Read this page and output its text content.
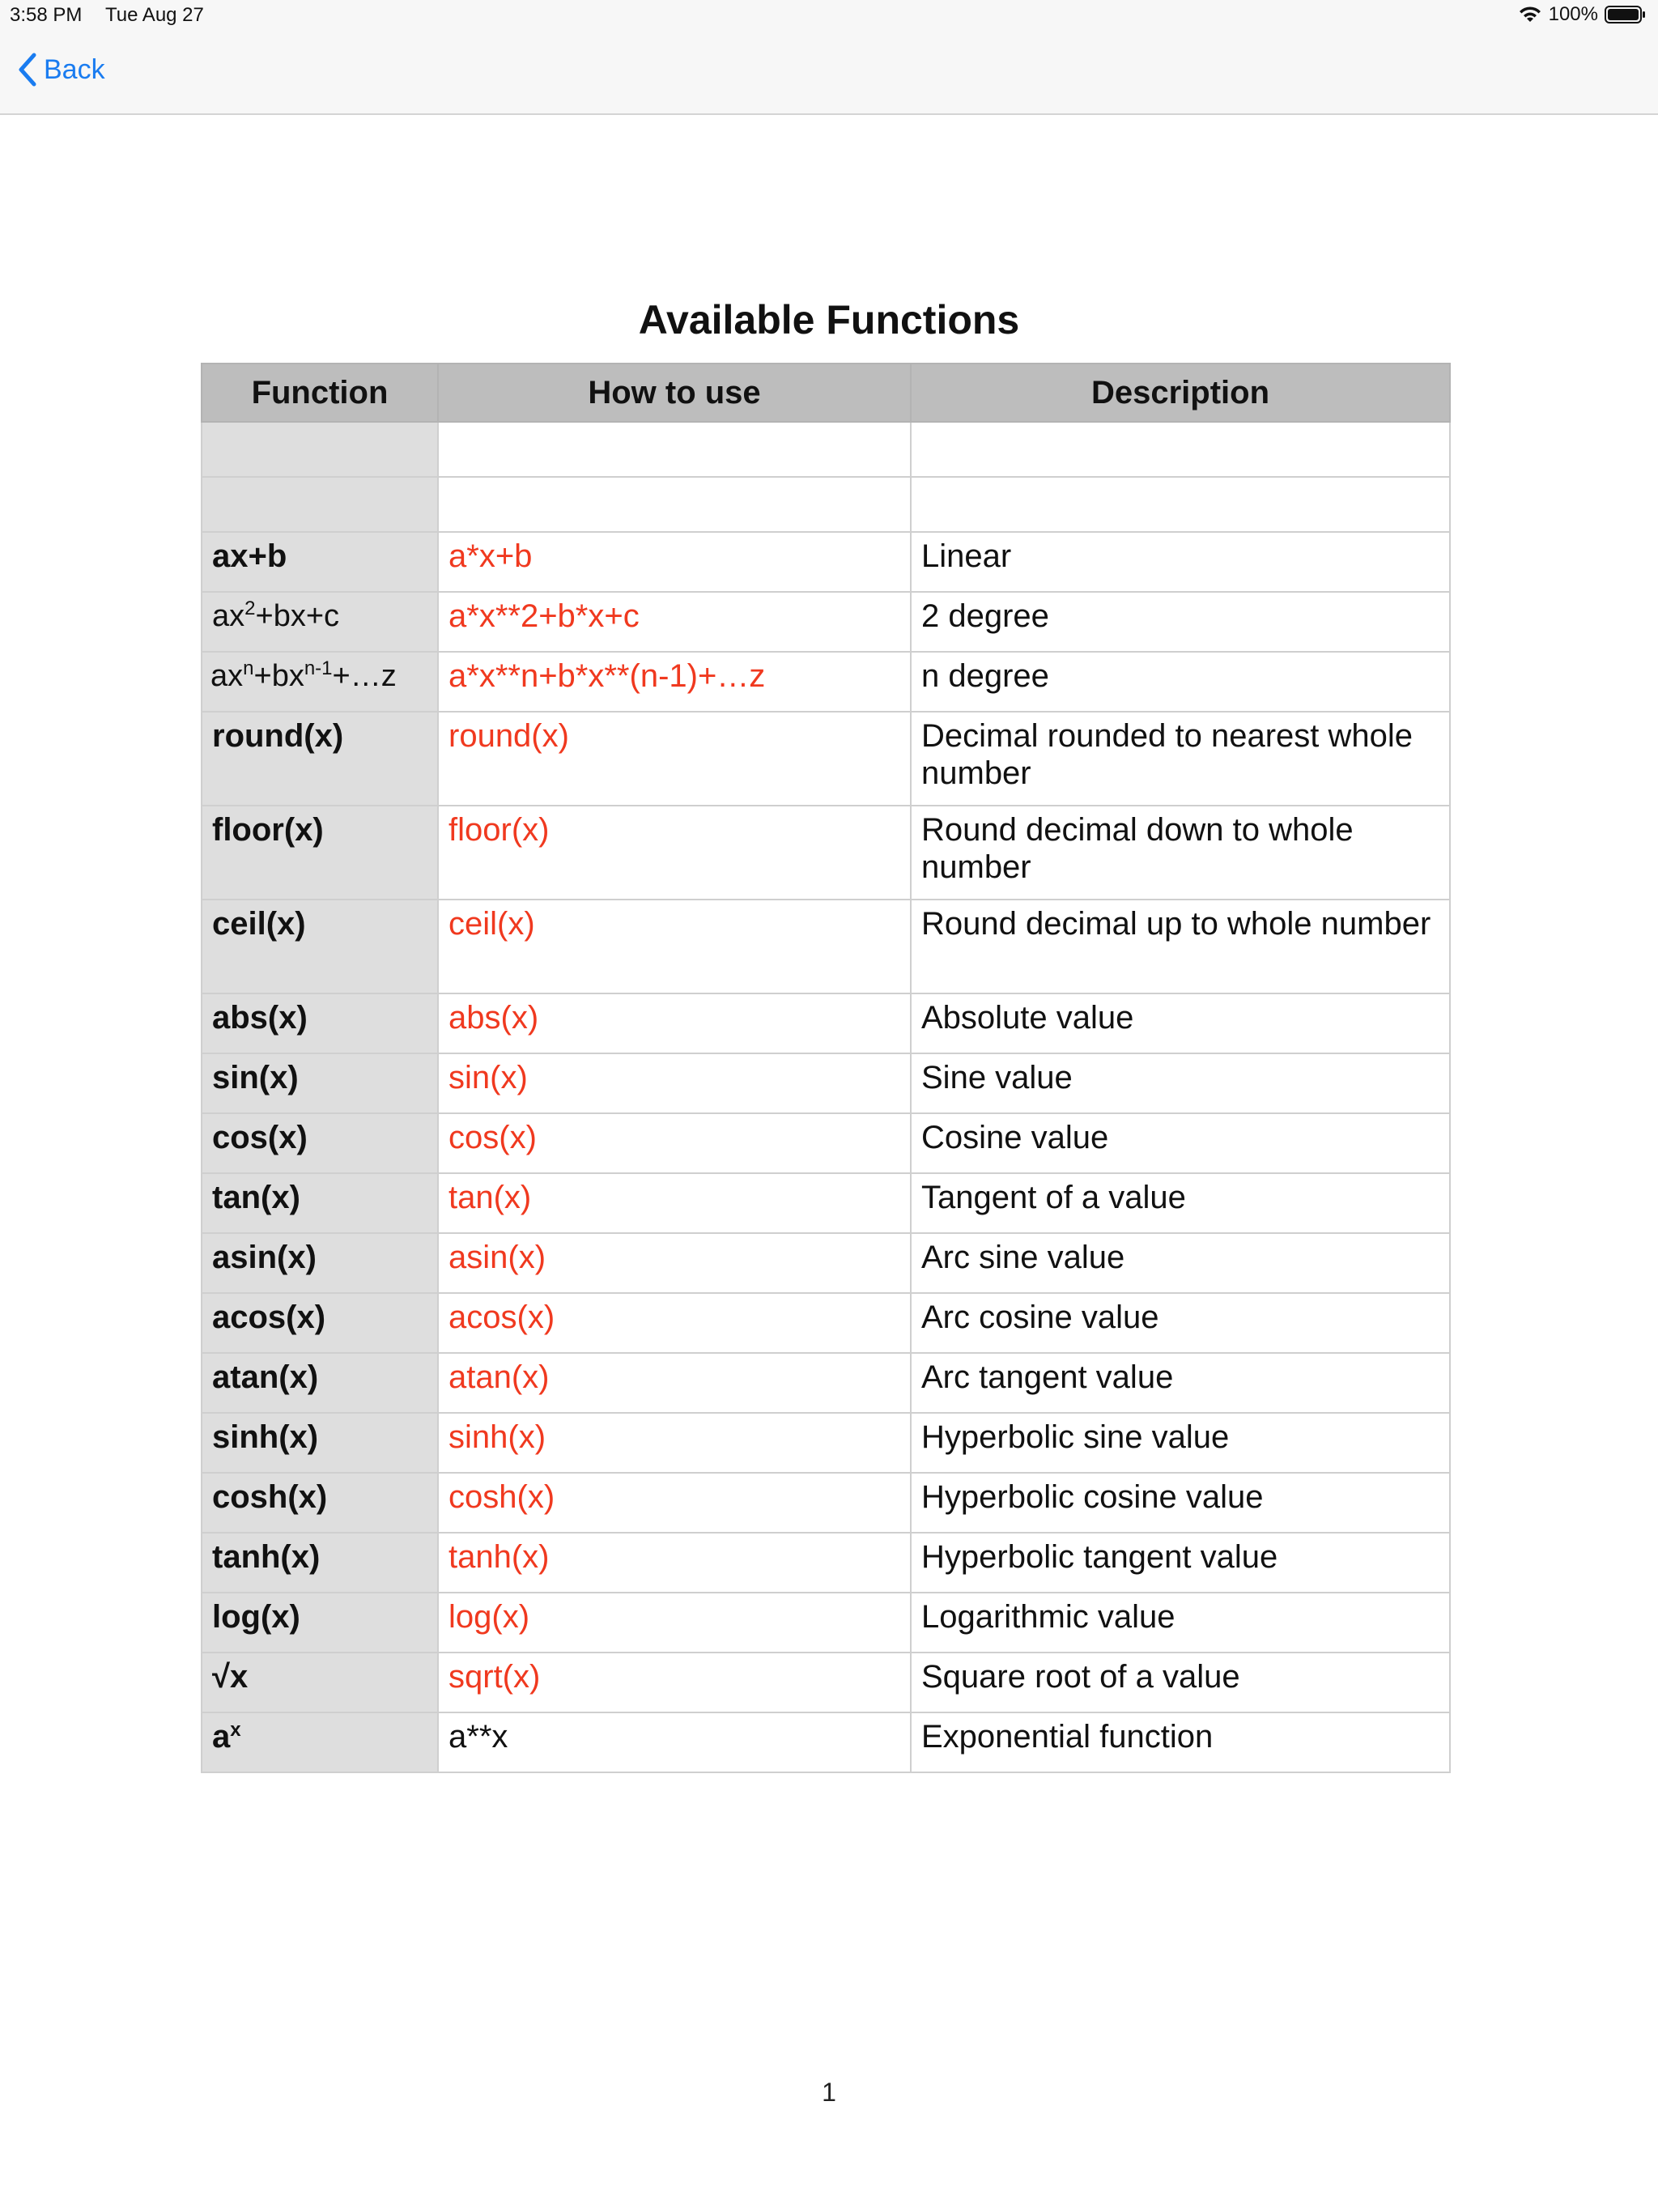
3:58 PM Tue Aug 27	100%
Back
Available Functions
Function	How to use	Description

ax+b	a*x+b	Linear
$ax^2+bx+c$	a*x**2+b*x+c	2 degree
$ax^n+bx^{n-1}+\dots z$	a*x**n+b*x**(n-1)+…z	n degree
round(x)	round(x)	Decimal rounded to nearest whole number
floor(x)	floor(x)	Round decimal down to whole number
ceil(x)	ceil(x)	Round decimal up to whole number
abs(x)	abs(x)	Absolute value
sin(x)	sin(x)	Sine value
cos(x)	cos(x)	Cosine value
tan(x)	tan(x)	Tangent of a value
asin(x)	asin(x)	Arc sine value
acos(x)	acos(x)	Arc cosine value
atan(x)	atan(x)	Arc tangent value
sinh(x)	sinh(x)	Hyperbolic sine value
cosh(x)	cosh(x)	Hyperbolic cosine value
tanh(x)	tanh(x)	Hyperbolic tangent value
log(x)	log(x)	Logarithmic value
√x	sqrt(x)	Square root of a value
$a^x$	a**x	Exponential function
1
